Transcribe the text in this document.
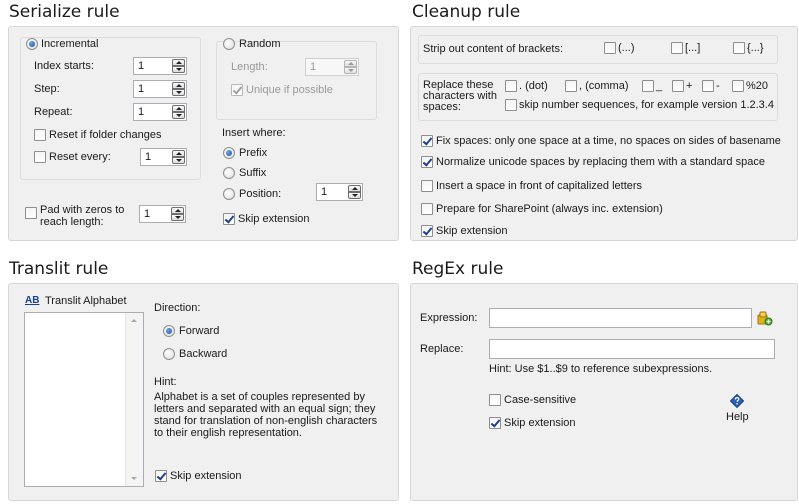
Serialize rule
Incremental
Index starts:	1
Step:	1
Repeat:	1
Reset if folder changes
Reset every:	1
Pad with zeros to
reach length:
1
Random
Length:	1
Unique if possible
Insert where:
Prefix
Suffix
Position:	1
Skip extension
Cleanup rule
Strip out content of brackets:	(...)	[...]	{...}
Replace these
characters with
spaces:
. (dot)	, (comma)	_ + - %20
skip number sequences, for example version 1.2.3.4
Fix spaces: only one space at a time, no spaces on sides of basename
Normalize unicode spaces by replacing them with a standard space
Insert a space in front of capitalized letters
Prepare for SharePoint (always inc. extension)
Skip extension
Translit rule
AB Translit Alphabet
Direction:
Forward
Backward
Hint:
Alphabet is a set of couples represented by
letters and separated with an equal sign; they
stand for translation of non-english characters
to their english representation.
Skip extension
RegEx rule
Expression:
Replace:
Hint: Use $1..$9 to reference subexpressions.
Case-sensitive
Skip extension	Help
